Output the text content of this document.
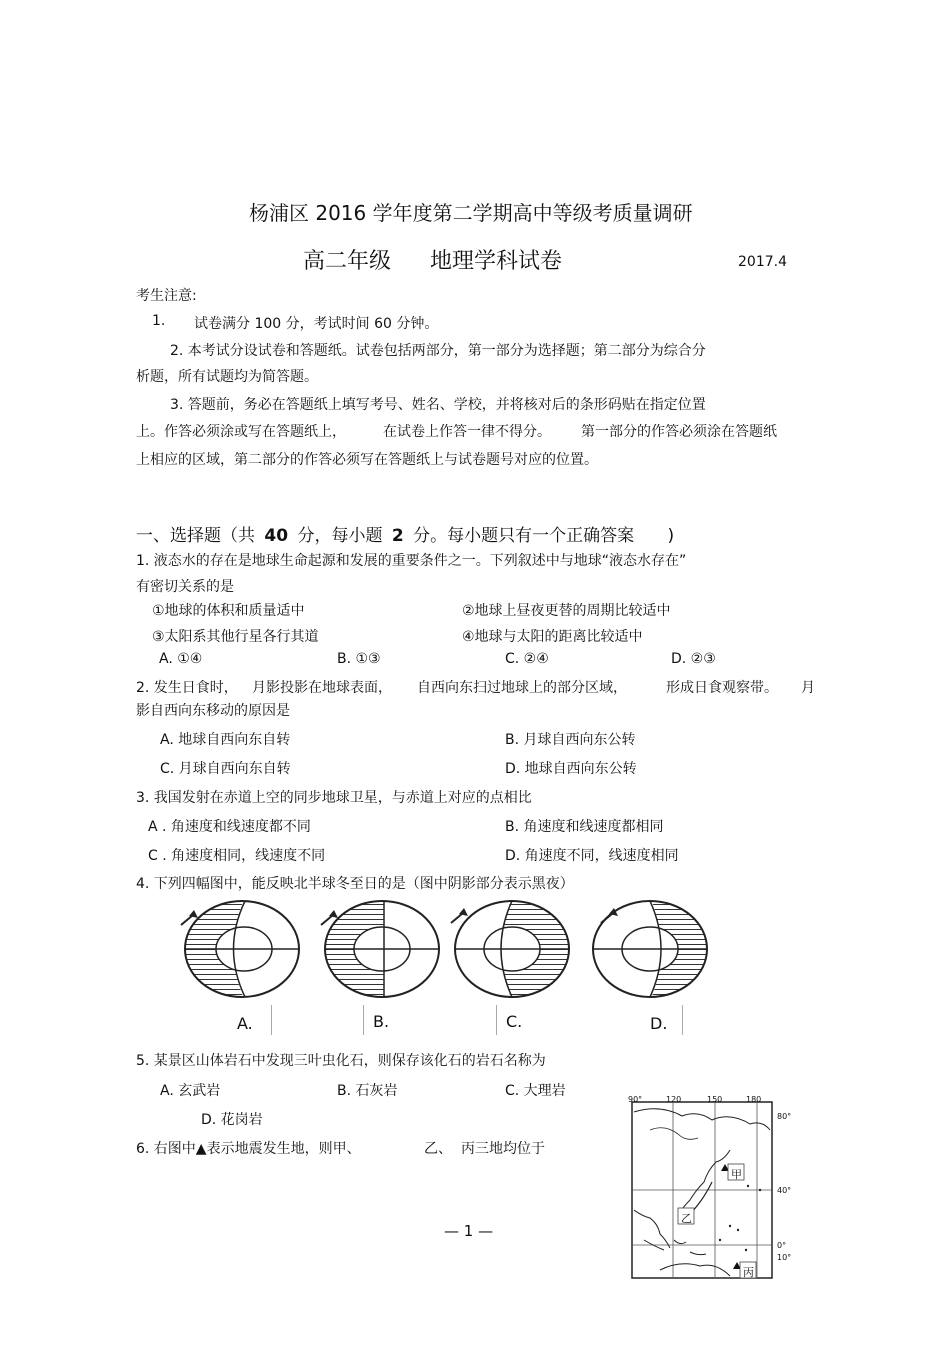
杨浦区 2016 学年度第二学期高中等级考质量调研
高二年级 地理学科试卷	2017.4
考生注意:
1. 试卷满分 100 分，考试时间 60 分钟。
2. 本考试分设试卷和答题纸。试卷包括两部分，第一部分为选择题；第二部分为综合分
析题，所有试题均为简答题。
3. 答题前，务必在答题纸上填写考号、姓名、学校，并将核对后的条形码贴在指定位置
上。作答必须涂或写在答题纸上，	在试卷上作答一律不得分。 第一部分的作答必须涂在答题纸
上相应的区域，第二部分的作答必须写在答题纸上与试卷题号对应的位置。
一、选择题（共 40 分，每小题 2 分。每小题只有一个正确答案 )
1. 液态水的存在是地球生命起源和发展的重要条件之一。下列叙述中与地球“液态水存在”
有密切关系的是
①地球的体积和质量适中	②地球上昼夜更替的周期比较适中
③太阳系其他行星各行其道	④地球与太阳的距离比较适中
A. ①④	B. ①③	C. ②④	D. ②③
2. 发生日食时， 月影投影在地球表面， 自西向东扫过地球上的部分区域，	形成日食观察带。 月
影自西向东移动的原因是
A. 地球自西向东自转	B. 月球自西向东公转
C. 月球自西向东自转	D. 地球自西向东公转
3. 我国发射在赤道上空的同步地球卫星，与赤道上对应的点相比
A . 角速度和线速度都不同	B. 角速度和线速度都相同
C . 角速度相同，线速度不同	D. 角速度不同，线速度相同
4. 下列四幅图中，能反映北半球冬至日的是（图中阴影部分表示黑夜）
A.	B.	C.	D.
5. 某景区山体岩石中发现三叶虫化石，则保存该化石的岩石名称为
A. 玄武岩	B. 石灰岩	C. 大理岩
D. 花岗岩
6. 右图中▲表示地震发生地，则甲、	乙、 丙三地均位于
90°	120	150	180
80°
40°
0°
10°
甲
乙
丙
— 1 —
